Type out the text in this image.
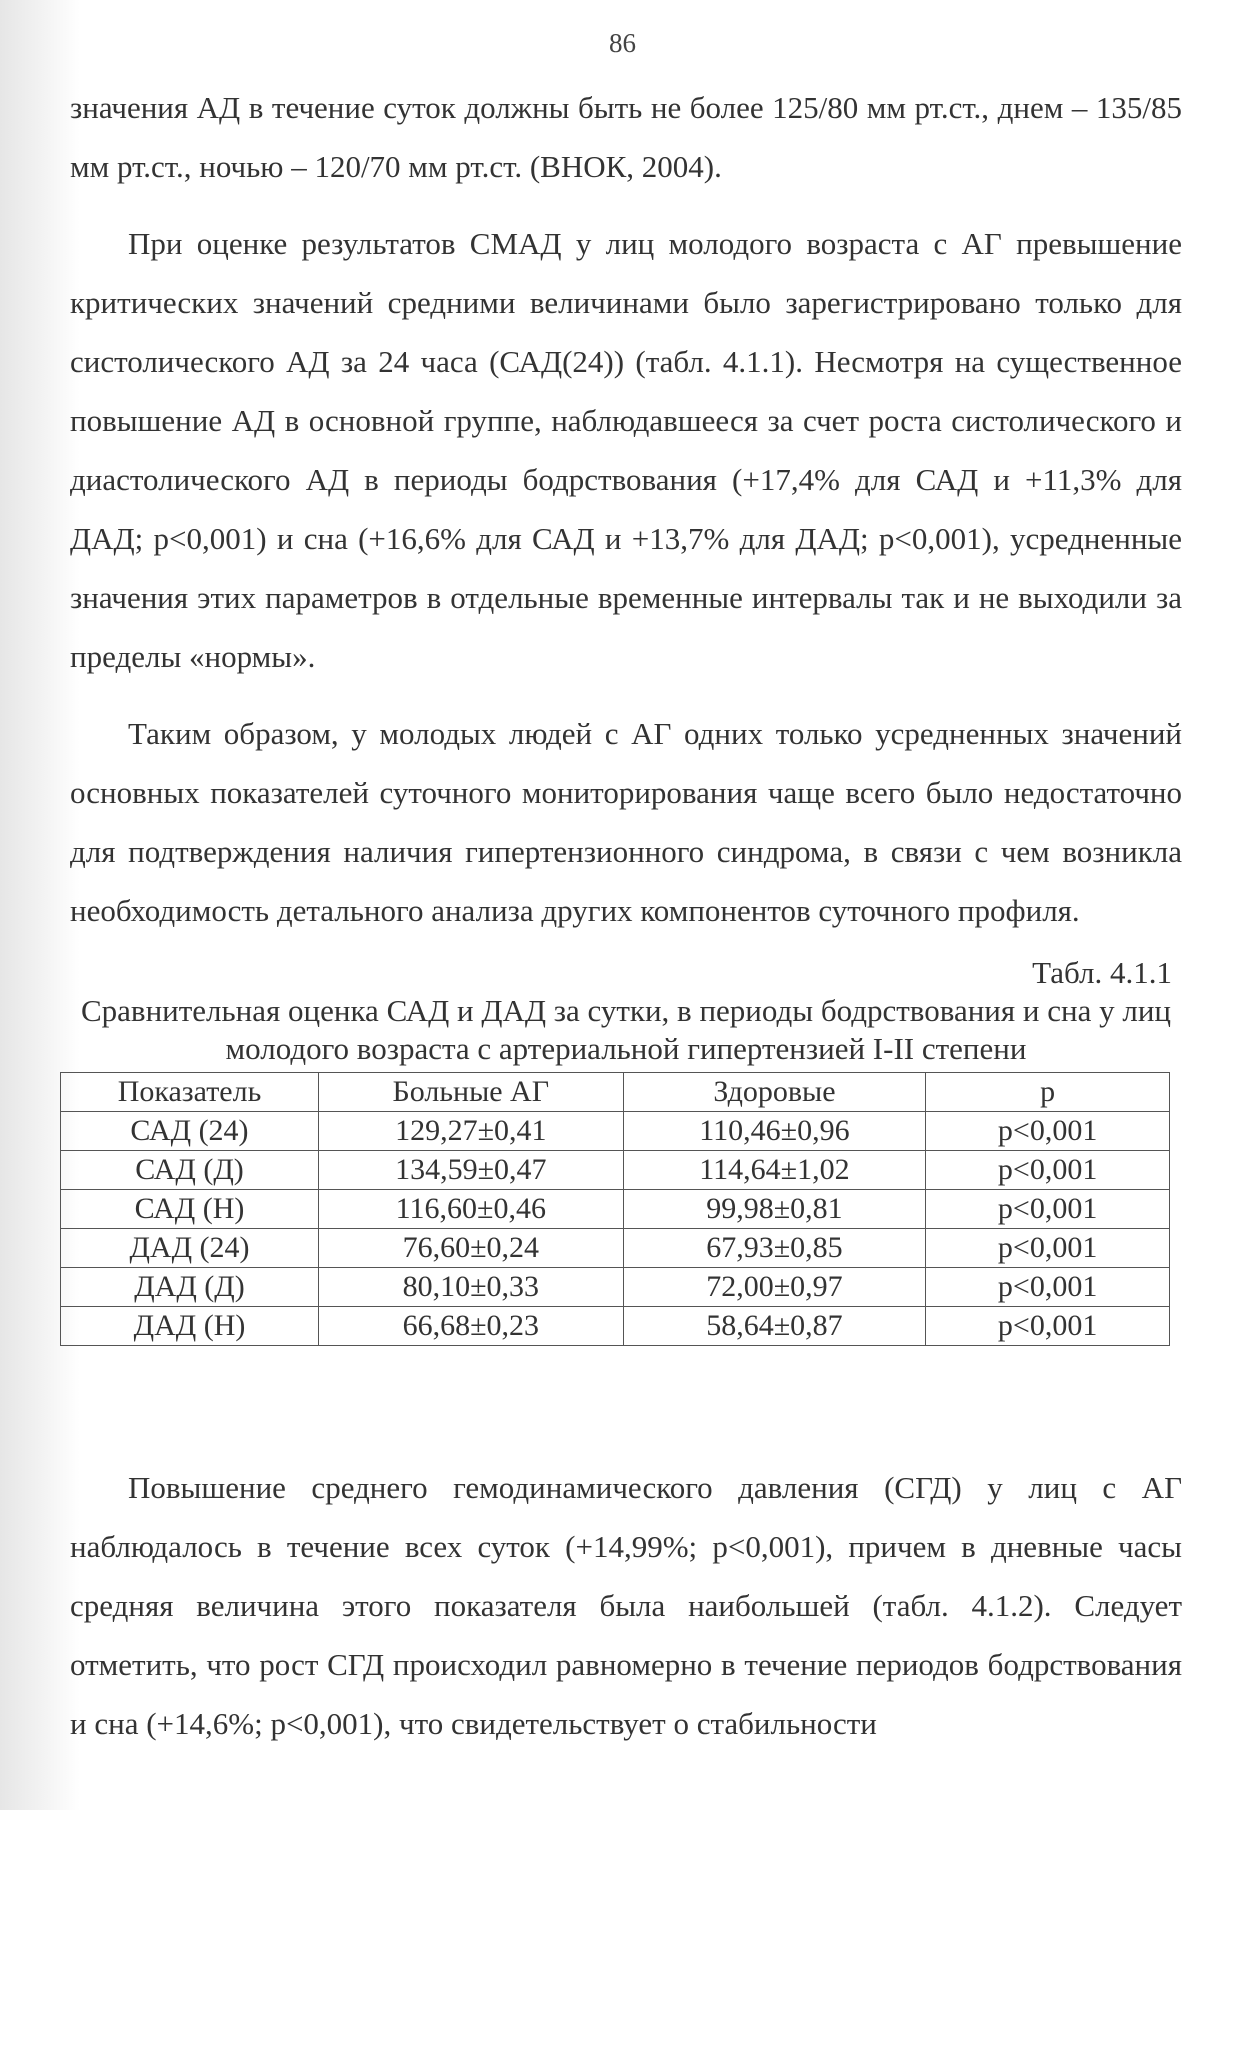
86

значения АД в течение суток должны быть не более 125/80 мм рт.ст., днем – 135/85 мм рт.ст., ночью – 120/70 мм рт.ст. (ВНОК, 2004).

При оценке результатов СМАД у лиц молодого возраста с АГ превышение критических значений средними величинами было зарегистрировано только для систолического АД за 24 часа (САД(24)) (табл. 4.1.1). Несмотря на существенное повышение АД в основной группе, наблюдавшееся за счет роста систолического и диастолического АД в периоды бодрствования (+17,4% для САД и +11,3% для ДАД; p<0,001) и сна (+16,6% для САД и +13,7% для ДАД; p<0,001), усредненные значения этих параметров в отдельные временные интервалы так и не выходили за пределы «нормы».

Таким образом, у молодых людей с АГ одних только усредненных значений основных показателей суточного мониторирования чаще всего было недостаточно для подтверждения наличия гипертензионного синдрома, в связи с чем возникла необходимость детального анализа других компонентов суточного профиля.

Табл. 4.1.1
Сравнительная оценка САД и ДАД за сутки, в периоды бодрствования и сна у лиц молодого возраста с артериальной гипертензией I-II степени
Показатель	Больные АГ	Здоровые	p
САД (24)	129,27±0,41	110,46±0,96	p<0,001
САД (Д)	134,59±0,47	114,64±1,02	p<0,001
САД (Н)	116,60±0,46	99,98±0,81	p<0,001
ДАД (24)	76,60±0,24	67,93±0,85	p<0,001
ДАД (Д)	80,10±0,33	72,00±0,97	p<0,001
ДАД (Н)	66,68±0,23	58,64±0,87	p<0,001

Повышение среднего гемодинамического давления (СГД) у лиц с АГ наблюдалось в течение всех суток (+14,99%; p<0,001), причем в дневные часы средняя величина этого показателя была наибольшей (табл. 4.1.2). Следует отметить, что рост СГД происходил равномерно в течение периодов бодрствования и сна (+14,6%; p<0,001), что свидетельствует о стабильности
